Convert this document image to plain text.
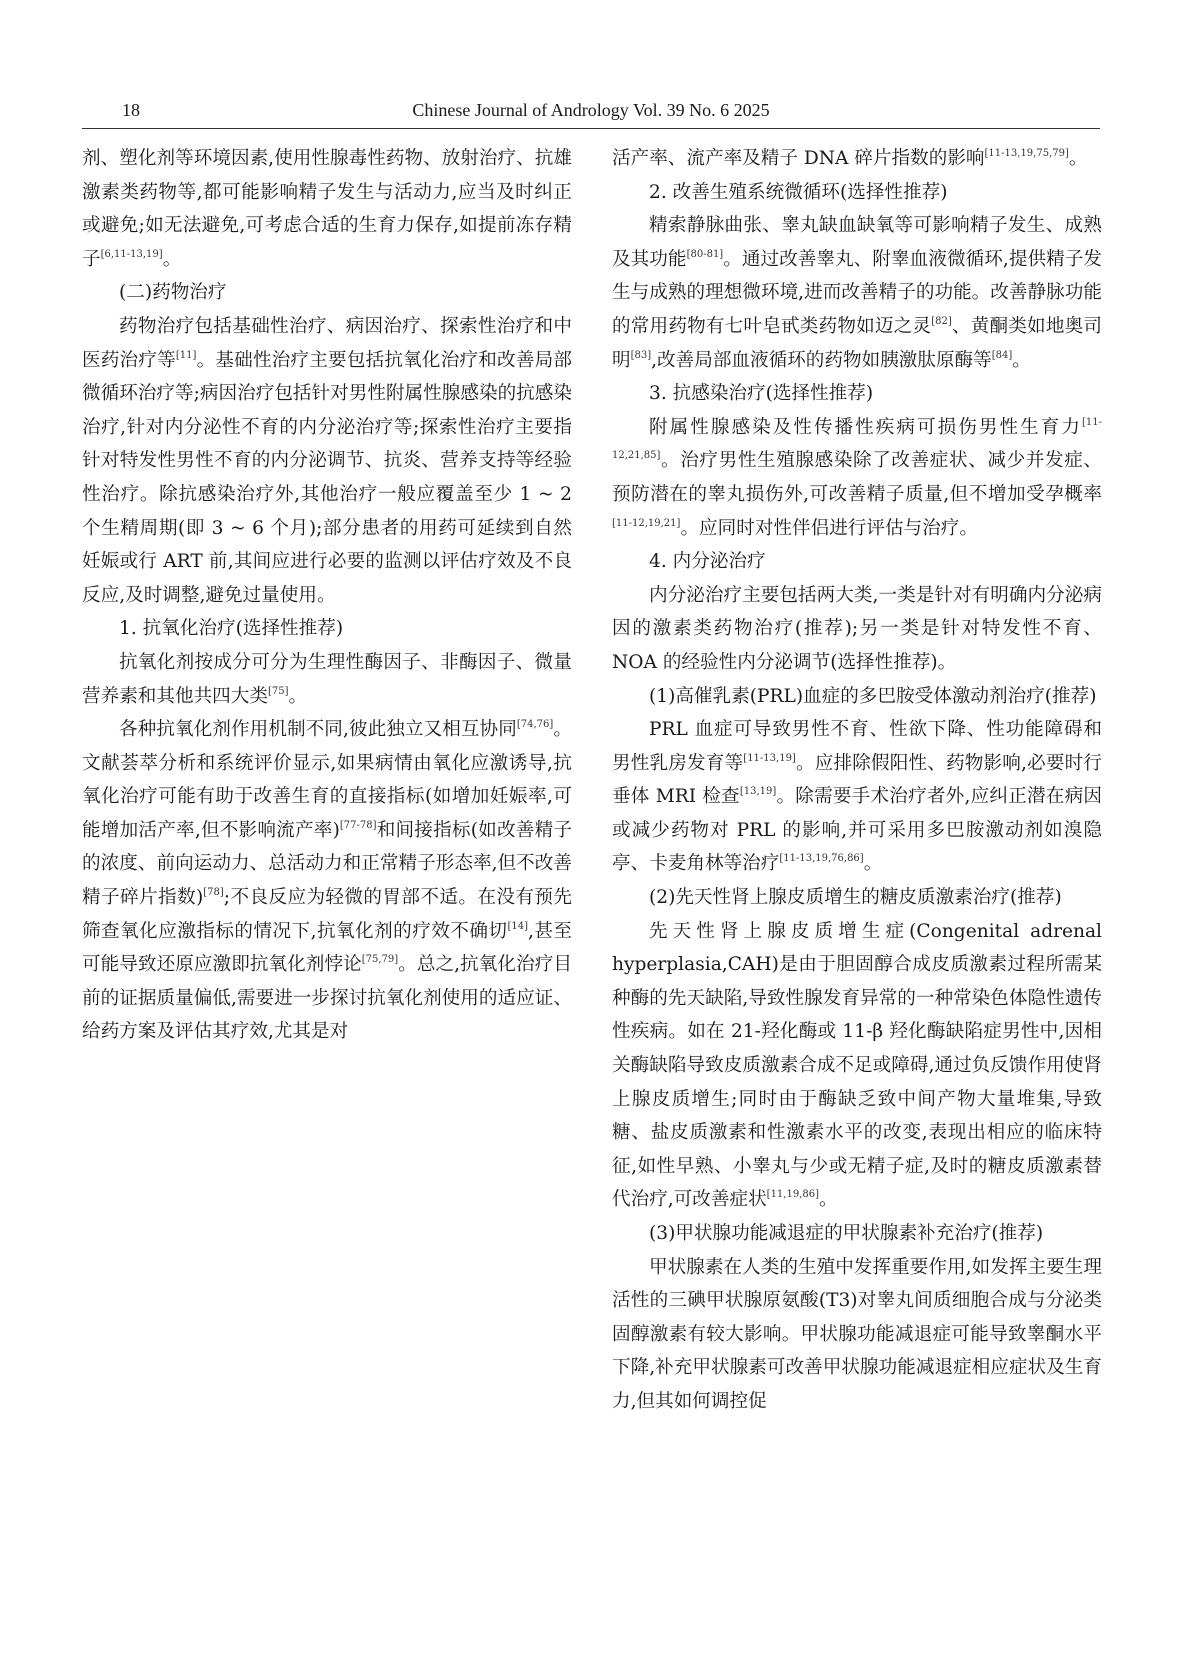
18	Chinese Journal of Andrology Vol. 39 No. 6 2025

剂、塑化剂等环境因素,使用性腺毒性药物、放射治疗、抗雄激素类药物等,都可能影响精子发生与活动力,应当及时纠正或避免;如无法避免,可考虑合适的生育力保存,如提前冻存精子[6,11-13,19]。

(二)药物治疗

药物治疗包括基础性治疗、病因治疗、探索性治疗和中医药治疗等[11]。基础性治疗主要包括抗氧化治疗和改善局部微循环治疗等;病因治疗包括针对男性附属性腺感染的抗感染治疗,针对内分泌性不育的内分泌治疗等;探索性治疗主要指针对特发性男性不育的内分泌调节、抗炎、营养支持等经验性治疗。除抗感染治疗外,其他治疗一般应覆盖至少 1 ~ 2 个生精周期(即 3 ~ 6 个月);部分患者的用药可延续到自然妊娠或行 ART 前,其间应进行必要的监测以评估疗效及不良反应,及时调整,避免过量使用。

1. 抗氧化治疗(选择性推荐)

抗氧化剂按成分可分为生理性酶因子、非酶因子、微量营养素和其他共四大类[75]。

各种抗氧化剂作用机制不同,彼此独立又相互协同[74,76]。文献荟萃分析和系统评价显示,如果病情由氧化应激诱导,抗氧化治疗可能有助于改善生育的直接指标(如增加妊娠率,可能增加活产率,但不影响流产率)[77-78]和间接指标(如改善精子的浓度、前向运动力、总活动力和正常精子形态率,但不改善精子碎片指数)[78];不良反应为轻微的胃部不适。在没有预先筛查氧化应激指标的情况下,抗氧化剂的疗效不确切[14],甚至可能导致还原应激即抗氧化剂悖论[75,79]。总之,抗氧化治疗目前的证据质量偏低,需要进一步探讨抗氧化剂使用的适应证、给药方案及评估其疗效,尤其是对

活产率、流产率及精子 DNA 碎片指数的影响[11-13,19,75,79]。

2. 改善生殖系统微循环(选择性推荐)

精索静脉曲张、睾丸缺血缺氧等可影响精子发生、成熟及其功能[80-81]。通过改善睾丸、附睾血液微循环,提供精子发生与成熟的理想微环境,进而改善精子的功能。改善静脉功能的常用药物有七叶皂甙类药物如迈之灵[82]、黄酮类如地奥司明[83],改善局部血液循环的药物如胰激肽原酶等[84]。

3. 抗感染治疗(选择性推荐)

附属性腺感染及性传播性疾病可损伤男性生育力[11-12,21,85]。治疗男性生殖腺感染除了改善症状、减少并发症、预防潜在的睾丸损伤外,可改善精子质量,但不增加受孕概率[11-12,19,21]。应同时对性伴侣进行评估与治疗。

4. 内分泌治疗

内分泌治疗主要包括两大类,一类是针对有明确内分泌病因的激素类药物治疗(推荐);另一类是针对特发性不育、NOA 的经验性内分泌调节(选择性推荐)。

(1)高催乳素(PRL)血症的多巴胺受体激动剂治疗(推荐)

PRL 血症可导致男性不育、性欲下降、性功能障碍和男性乳房发育等[11-13,19]。应排除假阳性、药物影响,必要时行垂体 MRI 检查[13,19]。除需要手术治疗者外,应纠正潜在病因或减少药物对 PRL 的影响,并可采用多巴胺激动剂如溴隐亭、卡麦角林等治疗[11-13,19,76,86]。

(2)先天性肾上腺皮质增生的糖皮质激素治疗(推荐)

先天性肾上腺皮质增生症(Congenital adrenal hyperplasia,CAH)是由于胆固醇合成皮质激素过程所需某种酶的先天缺陷,导致性腺发育异常的一种常染色体隐性遗传性疾病。如在 21-羟化酶或 11-β 羟化酶缺陷症男性中,因相关酶缺陷导致皮质激素合成不足或障碍,通过负反馈作用使肾上腺皮质增生;同时由于酶缺乏致中间产物大量堆集,导致糖、盐皮质激素和性激素水平的改变,表现出相应的临床特征,如性早熟、小睾丸与少或无精子症,及时的糖皮质激素替代治疗,可改善症状[11,19,86]。

(3)甲状腺功能减退症的甲状腺素补充治疗(推荐)

甲状腺素在人类的生殖中发挥重要作用,如发挥主要生理活性的三碘甲状腺原氨酸(T3)对睾丸间质细胞合成与分泌类固醇激素有较大影响。甲状腺功能减退症可能导致睾酮水平下降,补充甲状腺素可改善甲状腺功能减退症相应症状及生育力,但其如何调控促
